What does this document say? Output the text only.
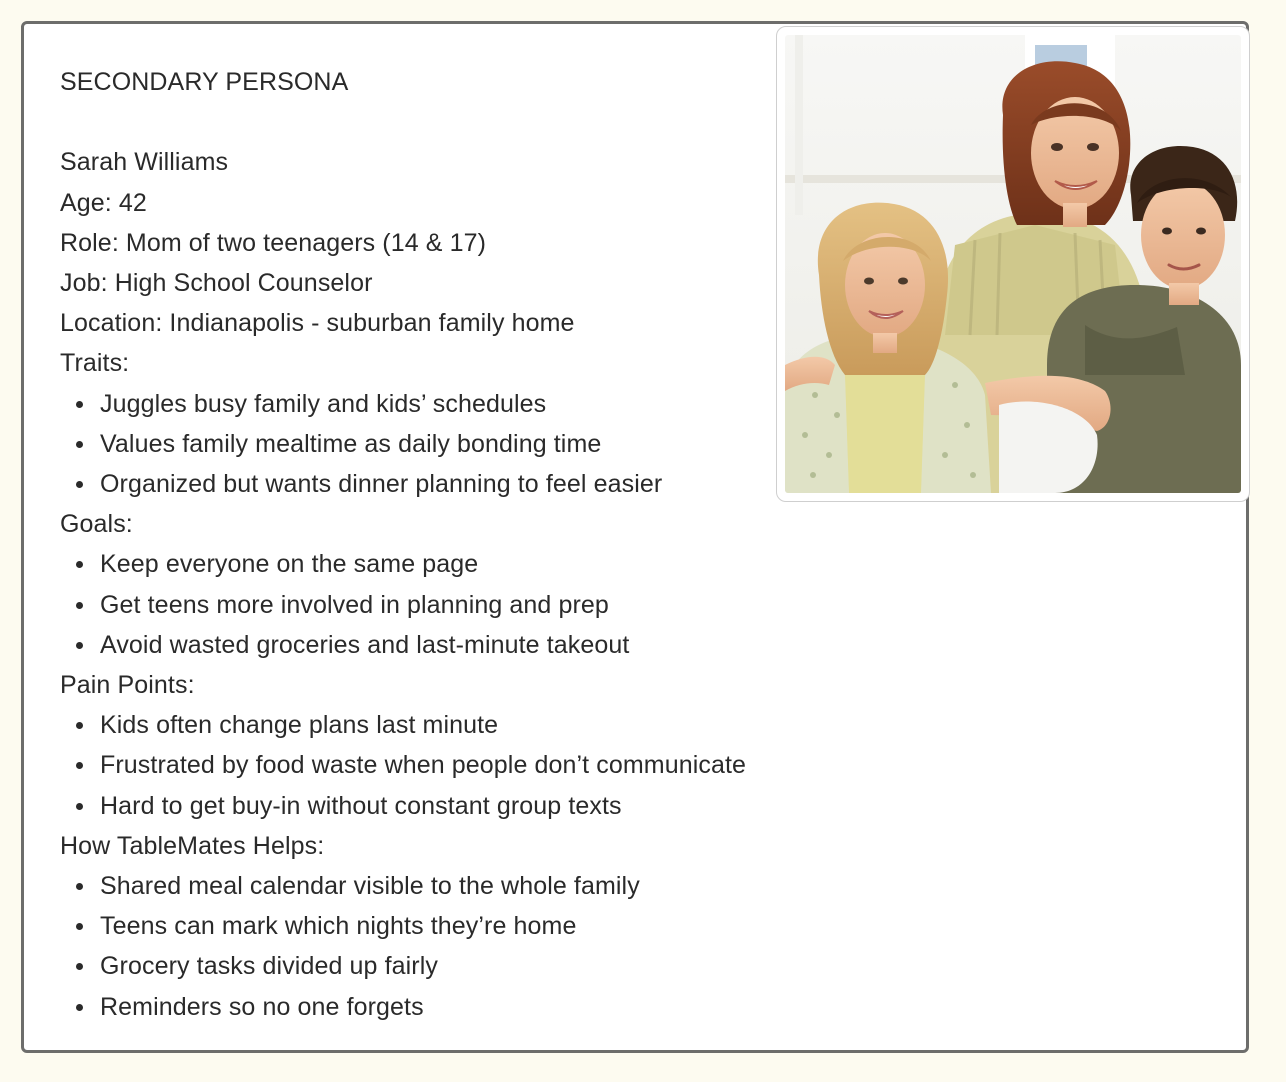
SECONDARY PERSONA

Sarah Williams

Age: 42

Role: Mom of two teenagers (14 & 17)

Job: High School Counselor

Location: Indianapolis - suburban family home

Traits:

Juggles busy family and kids’ schedules
Values family mealtime as daily bonding time
Organized but wants dinner planning to feel easier

Goals:

Keep everyone on the same page
Get teens more involved in planning and prep
Avoid wasted groceries and last-minute takeout

Pain Points:

Kids often change plans last minute
Frustrated by food waste when people don’t communicate
Hard to get buy-in without constant group texts

How TableMates Helps:

Shared meal calendar visible to the whole family
Teens can mark which nights they’re home
Grocery tasks divided up fairly
Reminders so no one forgets
